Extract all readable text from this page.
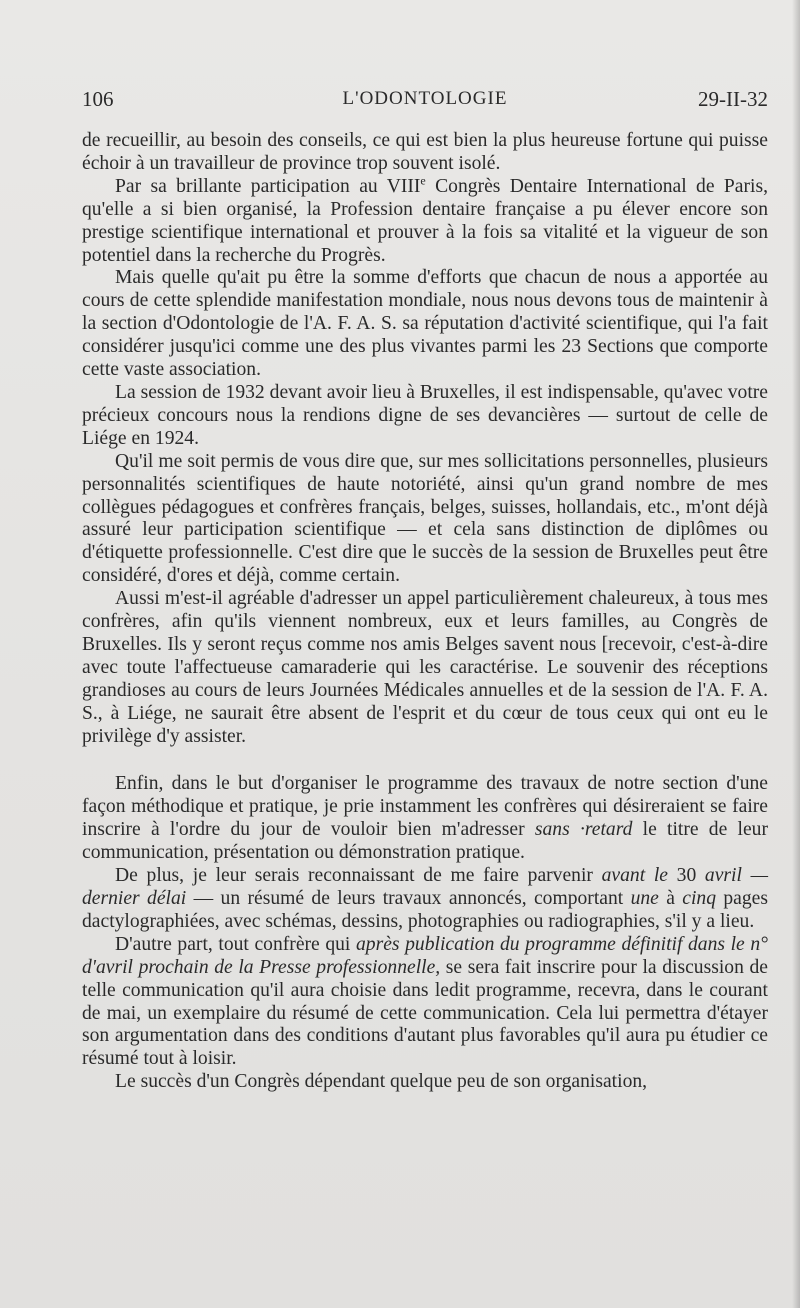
106	L'ODONTOLOGIE	29-II-32

de recueillir, au besoin des conseils, ce qui est bien la plus heureuse fortune qui puisse échoir à un travailleur de province trop souvent isolé.

Par sa brillante participation au VIIIe Congrès Dentaire International de Paris, qu'elle a si bien organisé, la Profession dentaire française a pu élever encore son prestige scientifique international et prouver à la fois sa vitalité et la vigueur de son potentiel dans la recherche du Progrès.

Mais quelle qu'ait pu être la somme d'efforts que chacun de nous a apportée au cours de cette splendide manifestation mondiale, nous nous devons tous de maintenir à la section d'Odontologie de l'A. F. A. S. sa réputation d'activité scientifique, qui l'a fait considérer jusqu'ici comme une des plus vivantes parmi les 23 Sections que comporte cette vaste association.

La session de 1932 devant avoir lieu à Bruxelles, il est indispensable, qu'avec votre précieux concours nous la rendions digne de ses devancières — surtout de celle de Liége en 1924.

Qu'il me soit permis de vous dire que, sur mes sollicitations personnelles, plusieurs personnalités scientifiques de haute notoriété, ainsi qu'un grand nombre de mes collègues pédagogues et confrères français, belges, suisses, hollandais, etc., m'ont déjà assuré leur participation scientifique — et cela sans distinction de diplômes ou d'étiquette professionnelle. C'est dire que le succès de la session de Bruxelles peut être considéré, d'ores et déjà, comme certain.

Aussi m'est-il agréable d'adresser un appel particulièrement chaleureux, à tous mes confrères, afin qu'ils viennent nombreux, eux et leurs familles, au Congrès de Bruxelles. Ils y seront reçus comme nos amis Belges savent nous [recevoir, c'est-à-dire avec toute l'affectueuse camaraderie qui les caractérise. Le souvenir des réceptions grandioses au cours de leurs Journées Médicales annuelles et de la session de l'A. F. A. S., à Liége, ne saurait être absent de l'esprit et du cœur de tous ceux qui ont eu le privilège d'y assister.

Enfin, dans le but d'organiser le programme des travaux de notre section d'une façon méthodique et pratique, je prie instamment les confrères qui désireraient se faire inscrire à l'ordre du jour de vouloir bien m'adresser sans ·retard le titre de leur communication, présentation ou démonstration pratique.

De plus, je leur serais reconnaissant de me faire parvenir avant le 30 avril — dernier délai — un résumé de leurs travaux annoncés, comportant une à cinq pages dactylographiées, avec schémas, dessins, photographies ou radiographies, s'il y a lieu.

D'autre part, tout confrère qui après publication du programme définitif dans le n° d'avril prochain de la Presse professionnelle, se sera fait inscrire pour la discussion de telle communication qu'il aura choisie dans ledit programme, recevra, dans le courant de mai, un exemplaire du résumé de cette communication. Cela lui permettra d'étayer son argumentation dans des conditions d'autant plus favorables qu'il aura pu étudier ce résumé tout à loisir.

Le succès d'un Congrès dépendant quelque peu de son organisation,
